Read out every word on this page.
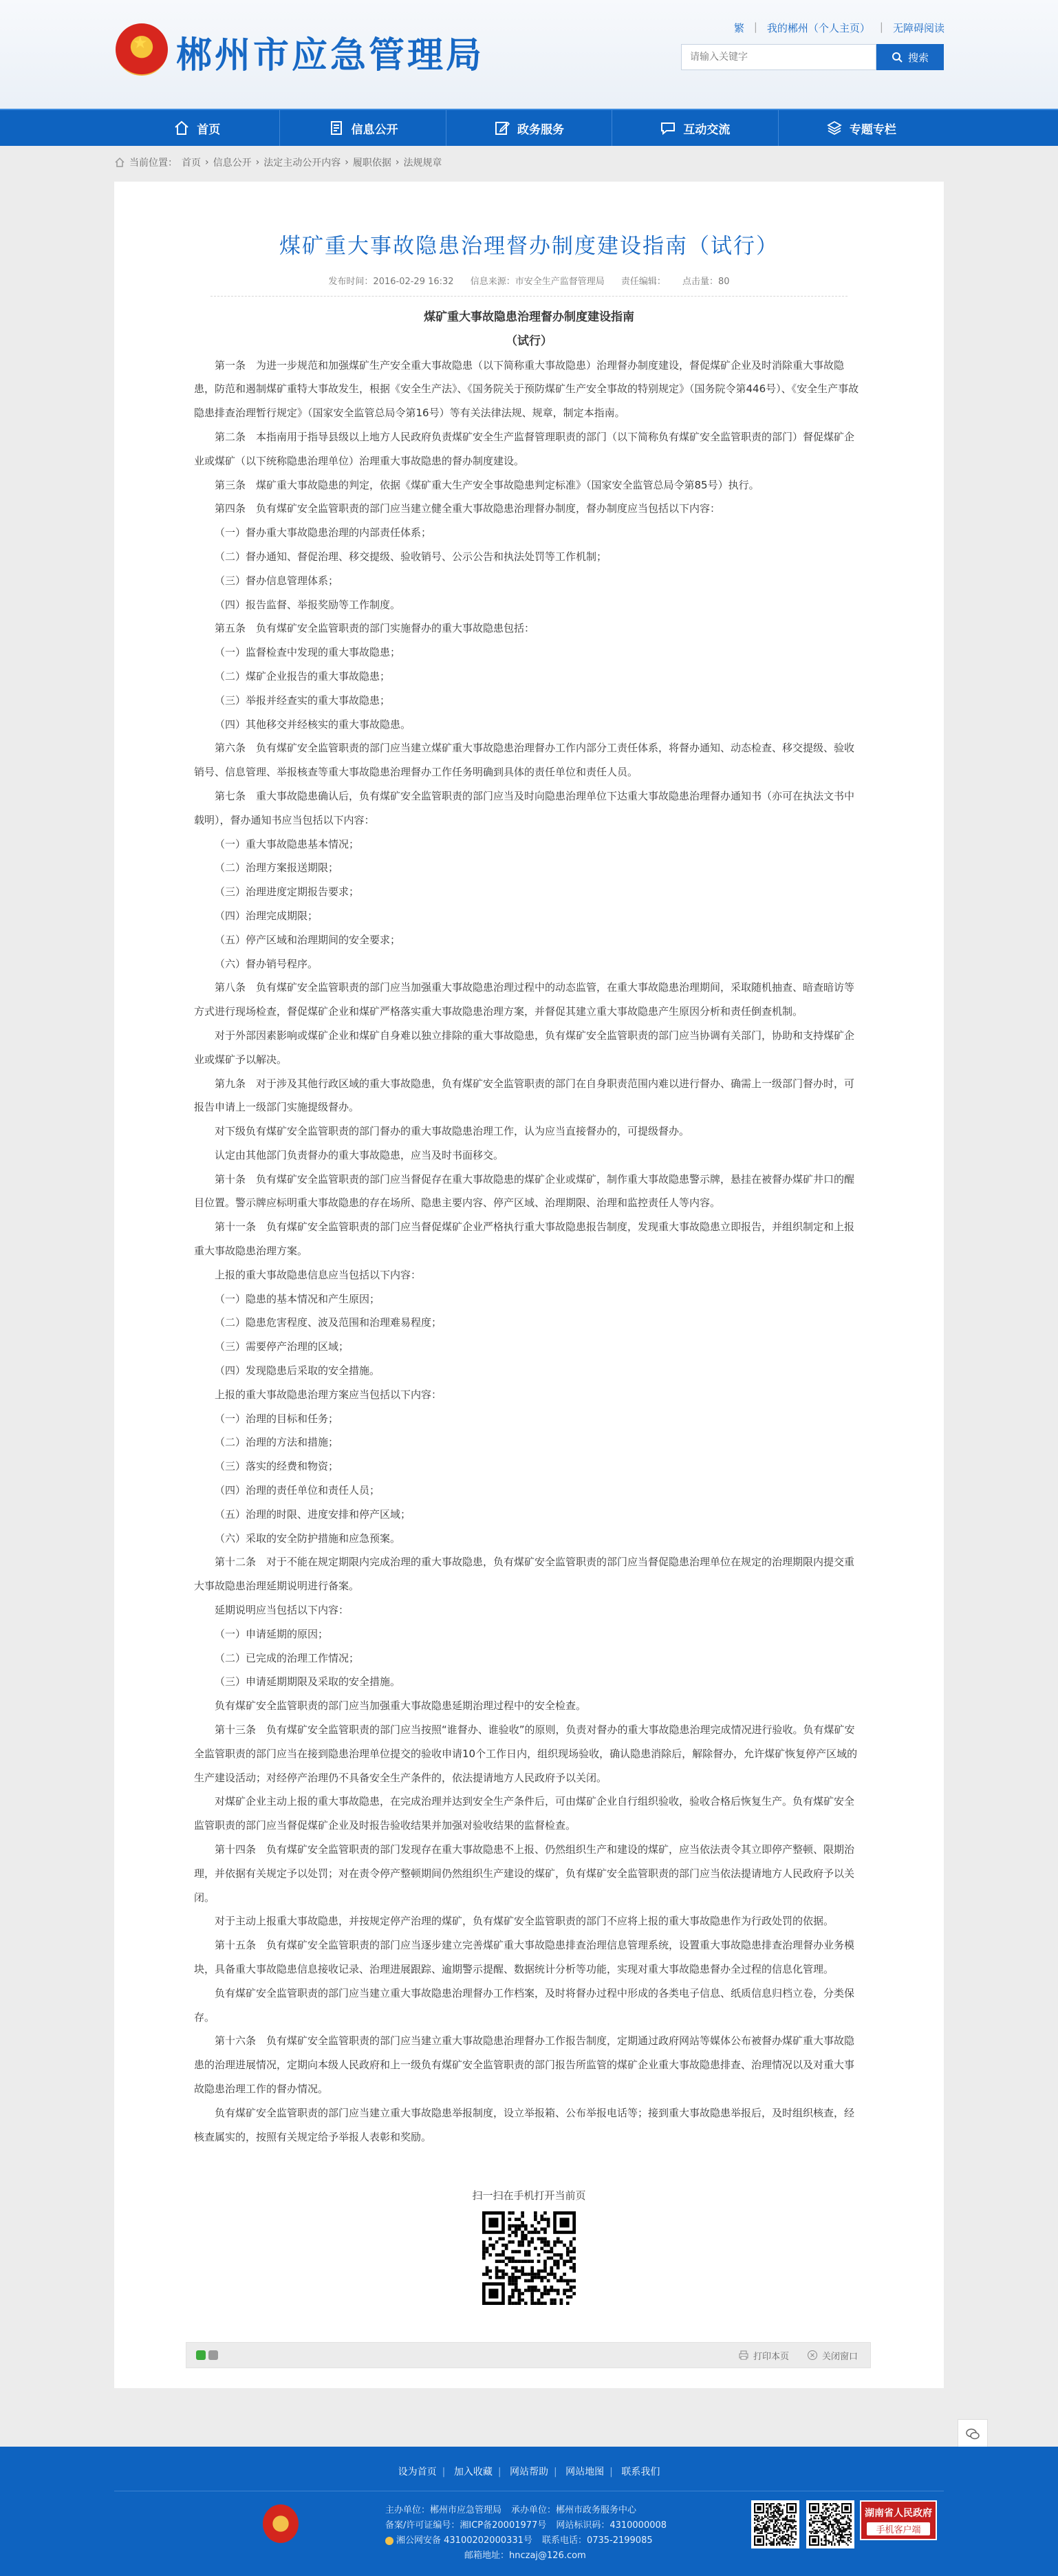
★
郴州市应急管理局
繁 | 我的郴州（个人主页） | 无障碍阅读
请输入关键字
搜索
首页	信息公开	政务服务	互动交流	专题专栏
当前位置： 首页 › 信息公开 › 法定主动公开内容 › 履职依据 › 法规规章
煤矿重大事故隐患治理督办制度建设指南（试行）
发布时间：2016-02-29 16:32 信息来源：市安全生产监督管理局 责任编辑： 点击量：80

煤矿重大事故隐患治理督办制度建设指南

（试行）

第一条　为进一步规范和加强煤矿生产安全重大事故隐患（以下简称重大事故隐患）治理督办制度建设，督促煤矿企业及时消除重大事故隐患，防范和遏制煤矿重特大事故发生，根据《安全生产法》、《国务院关于预防煤矿生产安全事故的特别规定》（国务院令第446号）、《安全生产事故隐患排查治理暂行规定》（国家安全监管总局令第16号）等有关法律法规、规章，制定本指南。

第二条　本指南用于指导县级以上地方人民政府负责煤矿安全生产监督管理职责的部门（以下简称负有煤矿安全监管职责的部门）督促煤矿企业或煤矿（以下统称隐患治理单位）治理重大事故隐患的督办制度建设。

第三条　煤矿重大事故隐患的判定，依据《煤矿重大生产安全事故隐患判定标准》（国家安全监管总局令第85号）执行。

第四条　负有煤矿安全监管职责的部门应当建立健全重大事故隐患治理督办制度，督办制度应当包括以下内容：

（一）督办重大事故隐患治理的内部责任体系；

（二）督办通知、督促治理、移交提级、验收销号、公示公告和执法处罚等工作机制；

（三）督办信息管理体系；

（四）报告监督、举报奖励等工作制度。

第五条　负有煤矿安全监管职责的部门实施督办的重大事故隐患包括：

（一）监督检查中发现的重大事故隐患；

（二）煤矿企业报告的重大事故隐患；

（三）举报并经查实的重大事故隐患；

（四）其他移交并经核实的重大事故隐患。

第六条　负有煤矿安全监管职责的部门应当建立煤矿重大事故隐患治理督办工作内部分工责任体系，将督办通知、动态检查、移交提级、验收销号、信息管理、举报核查等重大事故隐患治理督办工作任务明确到具体的责任单位和责任人员。

第七条　重大事故隐患确认后，负有煤矿安全监管职责的部门应当及时向隐患治理单位下达重大事故隐患治理督办通知书（亦可在执法文书中载明），督办通知书应当包括以下内容：

（一）重大事故隐患基本情况；

（二）治理方案报送期限；

（三）治理进度定期报告要求；

（四）治理完成期限；

（五）停产区域和治理期间的安全要求；

（六）督办销号程序。

第八条　负有煤矿安全监管职责的部门应当加强重大事故隐患治理过程中的动态监管，在重大事故隐患治理期间，采取随机抽查、暗查暗访等方式进行现场检查，督促煤矿企业和煤矿严格落实重大事故隐患治理方案，并督促其建立重大事故隐患产生原因分析和责任倒查机制。

对于外部因素影响或煤矿企业和煤矿自身难以独立排除的重大事故隐患，负有煤矿安全监管职责的部门应当协调有关部门，协助和支持煤矿企业或煤矿予以解决。

第九条　对于涉及其他行政区域的重大事故隐患，负有煤矿安全监管职责的部门在自身职责范围内难以进行督办、确需上一级部门督办时，可报告申请上一级部门实施提级督办。

对下级负有煤矿安全监管职责的部门督办的重大事故隐患治理工作，认为应当直接督办的，可提级督办。

认定由其他部门负责督办的重大事故隐患，应当及时书面移交。

第十条　负有煤矿安全监管职责的部门应当督促存在重大事故隐患的煤矿企业或煤矿，制作重大事故隐患警示牌，悬挂在被督办煤矿井口的醒目位置。警示牌应标明重大事故隐患的存在场所、隐患主要内容、停产区域、治理期限、治理和监控责任人等内容。

第十一条　负有煤矿安全监管职责的部门应当督促煤矿企业严格执行重大事故隐患报告制度，发现重大事故隐患立即报告，并组织制定和上报重大事故隐患治理方案。

上报的重大事故隐患信息应当包括以下内容：

（一）隐患的基本情况和产生原因；

（二）隐患危害程度、波及范围和治理难易程度；

（三）需要停产治理的区域；

（四）发现隐患后采取的安全措施。

上报的重大事故隐患治理方案应当包括以下内容：

（一）治理的目标和任务；

（二）治理的方法和措施；

（三）落实的经费和物资；

（四）治理的责任单位和责任人员；

（五）治理的时限、进度安排和停产区域；

（六）采取的安全防护措施和应急预案。

第十二条　对于不能在规定期限内完成治理的重大事故隐患，负有煤矿安全监管职责的部门应当督促隐患治理单位在规定的治理期限内提交重大事故隐患治理延期说明进行备案。

延期说明应当包括以下内容：

（一）申请延期的原因；

（二）已完成的治理工作情况；

（三）申请延期期限及采取的安全措施。

负有煤矿安全监管职责的部门应当加强重大事故隐患延期治理过程中的安全检查。

第十三条　负有煤矿安全监管职责的部门应当按照“谁督办、谁验收”的原则，负责对督办的重大事故隐患治理完成情况进行验收。负有煤矿安全监管职责的部门应当在接到隐患治理单位提交的验收申请10个工作日内，组织现场验收，确认隐患消除后，解除督办，允许煤矿恢复停产区域的生产建设活动；对经停产治理仍不具备安全生产条件的，依法提请地方人民政府予以关闭。

对煤矿企业主动上报的重大事故隐患，在完成治理并达到安全生产条件后，可由煤矿企业自行组织验收，验收合格后恢复生产。负有煤矿安全监管职责的部门应当督促煤矿企业及时报告验收结果并加强对验收结果的监督检查。

第十四条　负有煤矿安全监管职责的部门发现存在重大事故隐患不上报、仍然组织生产和建设的煤矿，应当依法责令其立即停产整顿、限期治理，并依据有关规定予以处罚；对在责令停产整顿期间仍然组织生产建设的煤矿，负有煤矿安全监管职责的部门应当依法提请地方人民政府予以关闭。

对于主动上报重大事故隐患，并按规定停产治理的煤矿，负有煤矿安全监管职责的部门不应将上报的重大事故隐患作为行政处罚的依据。

第十五条　负有煤矿安全监管职责的部门应当逐步建立完善煤矿重大事故隐患排查治理信息管理系统，设置重大事故隐患排查治理督办业务模块，具备重大事故隐患信息接收记录、治理进展跟踪、逾期警示提醒、数据统计分析等功能，实现对重大事故隐患督办全过程的信息化管理。

负有煤矿安全监管职责的部门应当建立重大事故隐患治理督办工作档案，及时将督办过程中形成的各类电子信息、纸质信息归档立卷，分类保存。

第十六条　负有煤矿安全监管职责的部门应当建立重大事故隐患治理督办工作报告制度，定期通过政府网站等媒体公布被督办煤矿重大事故隐患的治理进展情况，定期向本级人民政府和上一级负有煤矿安全监管职责的部门报告所监管的煤矿企业重大事故隐患排查、治理情况以及对重大事故隐患治理工作的督办情况。

负有煤矿安全监管职责的部门应当建立重大事故隐患举报制度，设立举报箱、公布举报电话等；接到重大事故隐患举报后，及时组织核查，经核查属实的，按照有关规定给予举报人表彰和奖励。

扫一扫在手机打开当前页
打印本页	关闭窗口
设为首页 | 加入收藏 | 网站帮助 | 网站地图 | 联系我们
主办单位：郴州市应急管理局 承办单位：郴州市政务服务中心
备案/许可证编号：湘ICP备20001977号 网站标识码：4310000008
湘公网安备 43100202000331号 联系电话：0735-2199085
邮箱地址：hnczaj@126.com
湖南省人民政府
手机客户端
